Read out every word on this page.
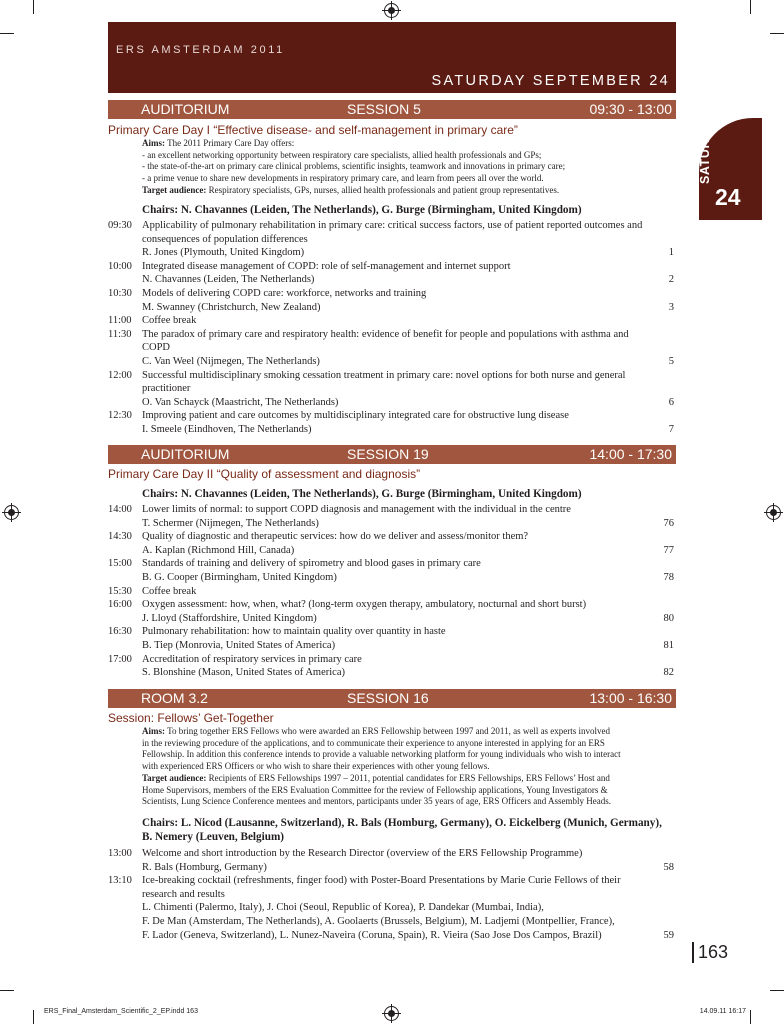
ERS AMSTERDAM 2011
SATURDAY SEPTEMBER 24
SATURDAY
24
AUDITORIUM	SESSION 5	09:30 - 13:00
Primary Care Day I “Effective disease- and self-management in primary care”
Aims: The 2011 Primary Care Day offers:
- an excellent networking opportunity between respiratory care specialists, allied health professionals and GPs;
- the state-of-the-art on primary care clinical problems, scientific insights, teamwork and innovations in primary care;
- a prime venue to share new developments in respiratory primary care, and learn from peers all over the world.
Target audience: Respiratory specialists, GPs, nurses, allied health professionals and patient group representatives.
Chairs: N. Chavannes (Leiden, The Netherlands), G. Burge (Birmingham, United Kingdom)
09:30 Applicability of pulmonary rehabilitation in primary care: critical success factors, use of patient reported outcomes and consequences of population differences
R. Jones (Plymouth, United Kingdom)	1
10:00 Integrated disease management of COPD: role of self-management and internet support
N. Chavannes (Leiden, The Netherlands)	2
10:30 Models of delivering COPD care: workforce, networks and training
M. Swanney (Christchurch, New Zealand)	3
11:00 Coffee break
11:30 The paradox of primary care and respiratory health: evidence of benefit for people and populations with asthma and COPD
C. Van Weel (Nijmegen, The Netherlands)	5
12:00 Successful multidisciplinary smoking cessation treatment in primary care: novel options for both nurse and general practitioner
O. Van Schayck (Maastricht, The Netherlands)	6
12:30 Improving patient and care outcomes by multidisciplinary integrated care for obstructive lung disease
I. Smeele (Eindhoven, The Netherlands)	7
AUDITORIUM	SESSION 19	14:00 - 17:30
Primary Care Day II “Quality of assessment and diagnosis”
Chairs: N. Chavannes (Leiden, The Netherlands), G. Burge (Birmingham, United Kingdom)
14:00 Lower limits of normal: to support COPD diagnosis and management with the individual in the centre
T. Schermer (Nijmegen, The Netherlands)	76
14:30 Quality of diagnostic and therapeutic services: how do we deliver and assess/monitor them?
A. Kaplan (Richmond Hill, Canada)	77
15:00 Standards of training and delivery of spirometry and blood gases in primary care
B. G. Cooper (Birmingham, United Kingdom)	78
15:30 Coffee break
16:00 Oxygen assessment: how, when, what? (long-term oxygen therapy, ambulatory, nocturnal and short burst)
J. Lloyd (Staffordshire, United Kingdom)	80
16:30 Pulmonary rehabilitation: how to maintain quality over quantity in haste
B. Tiep (Monrovia, United States of America)	81
17:00 Accreditation of respiratory services in primary care
S. Blonshine (Mason, United States of America)	82
ROOM 3.2	SESSION 16	13:00 - 16:30
Session: Fellows’ Get-Together
Aims: To bring together ERS Fellows who were awarded an ERS Fellowship between 1997 and 2011, as well as experts involved
in the reviewing procedure of the applications, and to communicate their experience to anyone interested in applying for an ERS
Fellowship. In addition this conference intends to provide a valuable networking platform for young individuals who wish to interact
with experienced ERS Officers or who wish to share their experiences with other young fellows.
Target audience: Recipients of ERS Fellowships 1997 – 2011, potential candidates for ERS Fellowships, ERS Fellows’ Host and
Home Supervisors, members of the ERS Evaluation Committee for the review of Fellowship applications, Young Investigators &
Scientists, Lung Science Conference mentees and mentors, participants under 35 years of age, ERS Officers and Assembly Heads.
Chairs: L. Nicod (Lausanne, Switzerland), R. Bals (Homburg, Germany), O. Eickelberg (Munich, Germany),
B. Nemery (Leuven, Belgium)
13:00 Welcome and short introduction by the Research Director (overview of the ERS Fellowship Programme)
R. Bals (Homburg, Germany)	58
13:10 Ice-breaking cocktail (refreshments, finger food) with Poster-Board Presentations by Marie Curie Fellows of their research and results
L. Chimenti (Palermo, Italy), J. Choi (Seoul, Republic of Korea), P. Dandekar (Mumbai, India),
F. De Man (Amsterdam, The Netherlands), A. Goolaerts (Brussels, Belgium), M. Ladjemi (Montpellier, France),
F. Lador (Geneva, Switzerland), L. Nunez-Naveira (Coruna, Spain), R. Vieira (Sao Jose Dos Campos, Brazil)	59
163
ERS_Final_Amsterdam_Scientific_2_EP.indd 163	14.09.11 16:17
